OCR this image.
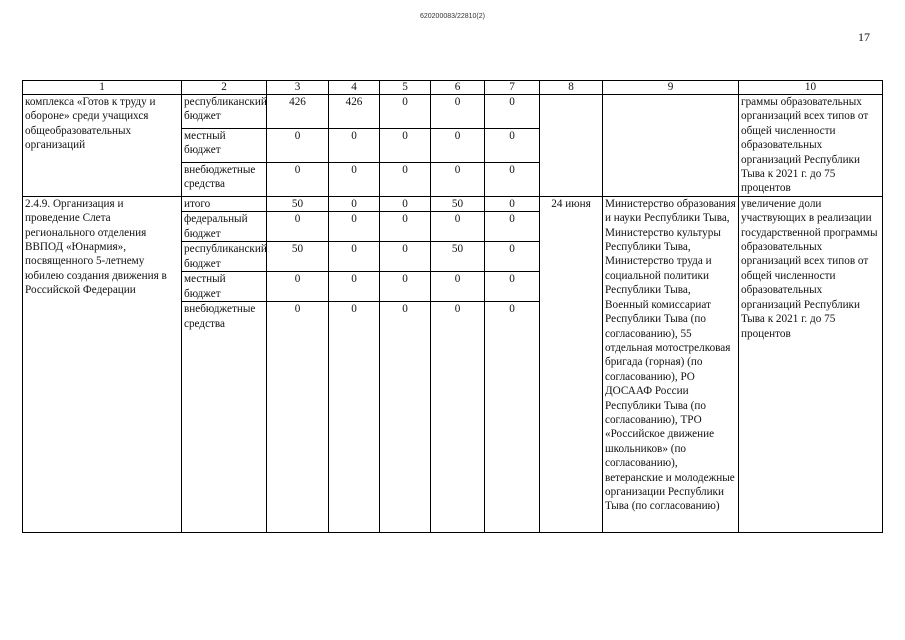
620200083/22810(2)
17
1	2	3	4	5	6	7	8	9	10
комплекса «Готов к труду и обороне» среди учащихся общеобразовательных организаций	республиканский бюджет	426	426	0	0	0			граммы образовательных организаций всех типов от общей численности образовательных организаций Республики Тыва к 2021 г. до 75 процентов
	местный бюджет	0	0	0	0	0			
	внебюджетные средства	0	0	0	0	0			
2.4.9. Организация и проведение Слета регионального отделения ВВПОД «Юнармия», посвященного 5-летнему юбилею создания движения в Российской Федерации	итого	50	0	0	50	0	24 июня	Министерство образования и науки Республики Тыва, Министерство культуры Республики Тыва, Министерство труда и социальной политики Республики Тыва, Военный комиссариат Республики Тыва (по согласованию), 55 отдельная мотострелковая бригада (горная) (по согласованию), РО ДОСААФ России Республики Тыва (по согласованию), ТРО «Российское движение школьников» (по согласованию), ветеранские и молодежные организации Республики Тыва (по согласованию)	увеличение доли участвующих в реализации государственной программы образовательных организаций всех типов от общей численности образовательных организаций Республики Тыва к 2021 г. до 75 процентов
	федеральный бюджет	0	0	0	0	0			
	республиканский бюджет	50	0	0	50	0			
	местный бюджет	0	0	0	0	0			
	внебюджетные средства	0	0	0	0	0			
